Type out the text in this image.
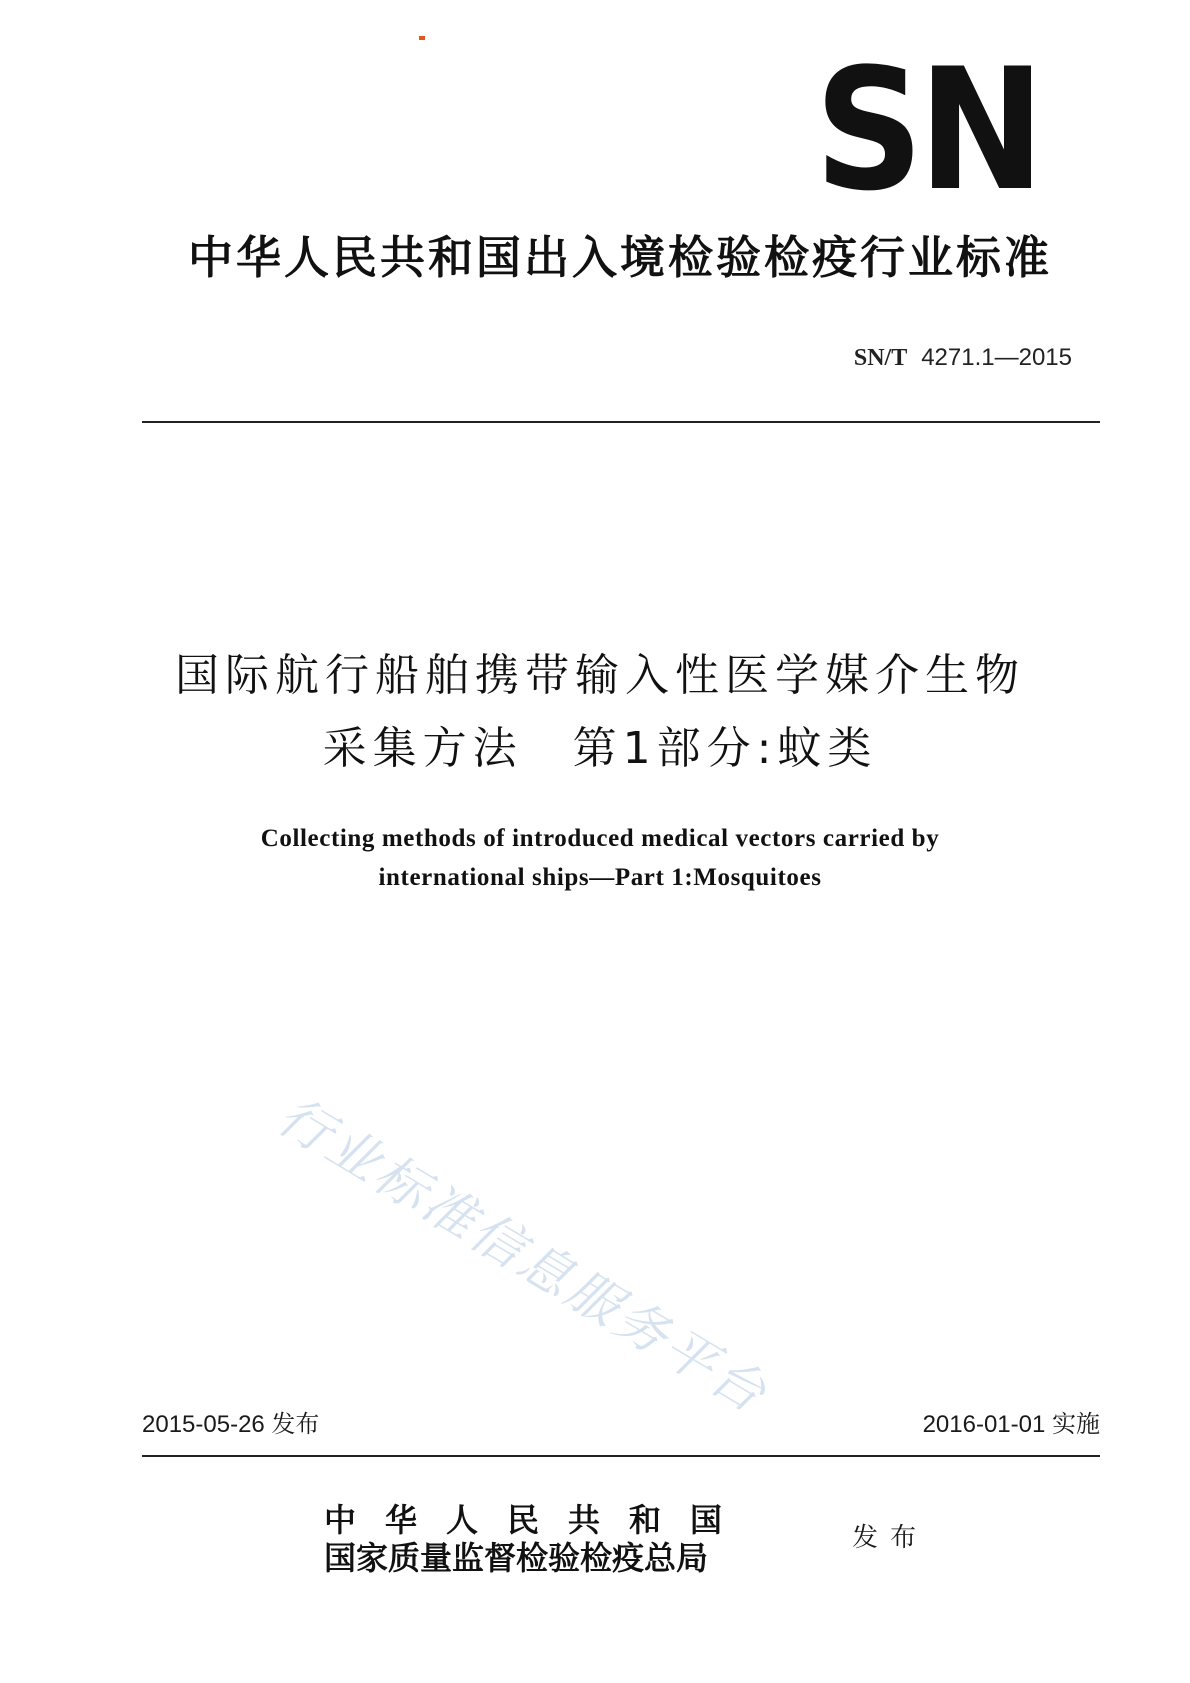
SN
中华人民共和国出入境检验检疫行业标准
SN/T 4271.1—2015
国际航行船舶携带输入性医学媒介生物
采集方法　第1部分:蚊类
Collecting methods of introduced medical vectors carried by
international ships—Part 1:Mosquitoes
行业标准信息服务平台
2015-05-26 发布	2016-01-01 实施
中华人民共和国
国家质量监督检验检疫总局
发布
